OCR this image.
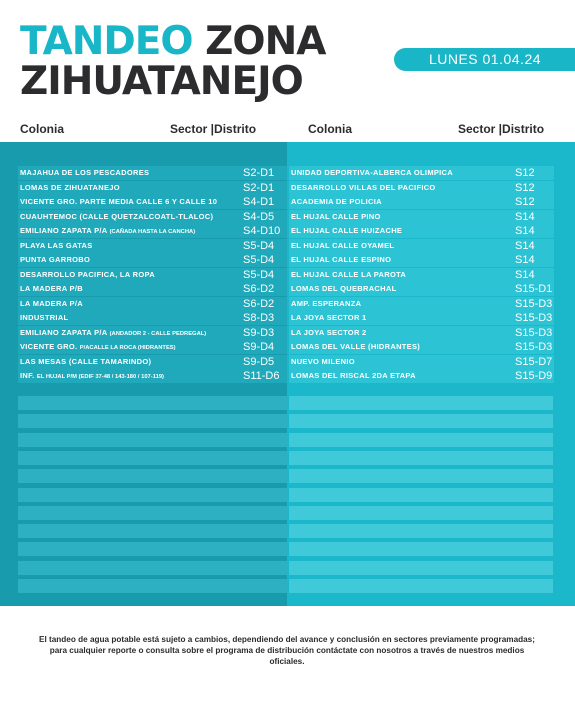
TANDEO ZONA
ZIHUATANEJO	LUNES 01.04.24
Colonia	Sector |Distrito	Colonia	Sector |Distrito
MAJAHUA DE LOS PESCADORES	S2-D1
LOMAS DE ZIHUATANEJO	S2-D1
VICENTE GRO. PARTE MEDIA CALLE 6 Y CALLE 10 S4-D1
CUAUHTEMOC (CALLE QUETZALCOATL-TLALOC)	S4-D5
EMILIANO ZAPATA P/A (CAÑADA HASTA LA CANCHA)	S4-D10
PLAYA LAS GATAS	S5-D4
PUNTA GARROBO	S5-D4
DESARROLLO PACIFICA, LA ROPA	S5-D4
LA MADERA P/B	S6-D2
LA MADERA P/A	S6-D2
INDUSTRIAL	S8-D3
EMILIANO ZAPATA P/A (ANDADOR 2 - CALLE PEDREGAL)	S9-D3
VICENTE GRO. P/ACALLE LA ROCA (HIDRANTES)	S9-D4
LAS MESAS (CALLE TAMARINDO)	S9-D5
INF. EL HUJAL P/M (EDIF 37-48 / 143-180 / 107-119)	S11-D6
UNIDAD DEPORTIVA-ALBERCA OLIMPICA	S12
DESARROLLO VILLAS DEL PACIFICO	S12
ACADEMIA DE POLICIA	S12
EL HUJAL CALLE PINO	S14
EL HUJAL CALLE HUIZACHE	S14
EL HUJAL CALLE OYAMEL	S14
EL HUJAL CALLE ESPINO	S14
EL HUJAL CALLE LA PAROTA	S14
LOMAS DEL QUEBRACHAL	S15-D1
AMP. ESPERANZA	S15-D3
LA JOYA SECTOR 1	S15-D3
LA JOYA SECTOR 2	S15-D3
LOMAS DEL VALLE (HIDRANTES)	S15-D3
NUEVO MILENIO	S15-D7
LOMAS DEL RISCAL 2DA ETAPA	S15-D9
El tandeo de agua potable está sujeto a cambios, dependiendo del avance y conclusión en sectores previamente programadas; para cualquier reporte o consulta sobre el programa de distribución contáctate con nosotros a través de nuestros medios oficiales.
